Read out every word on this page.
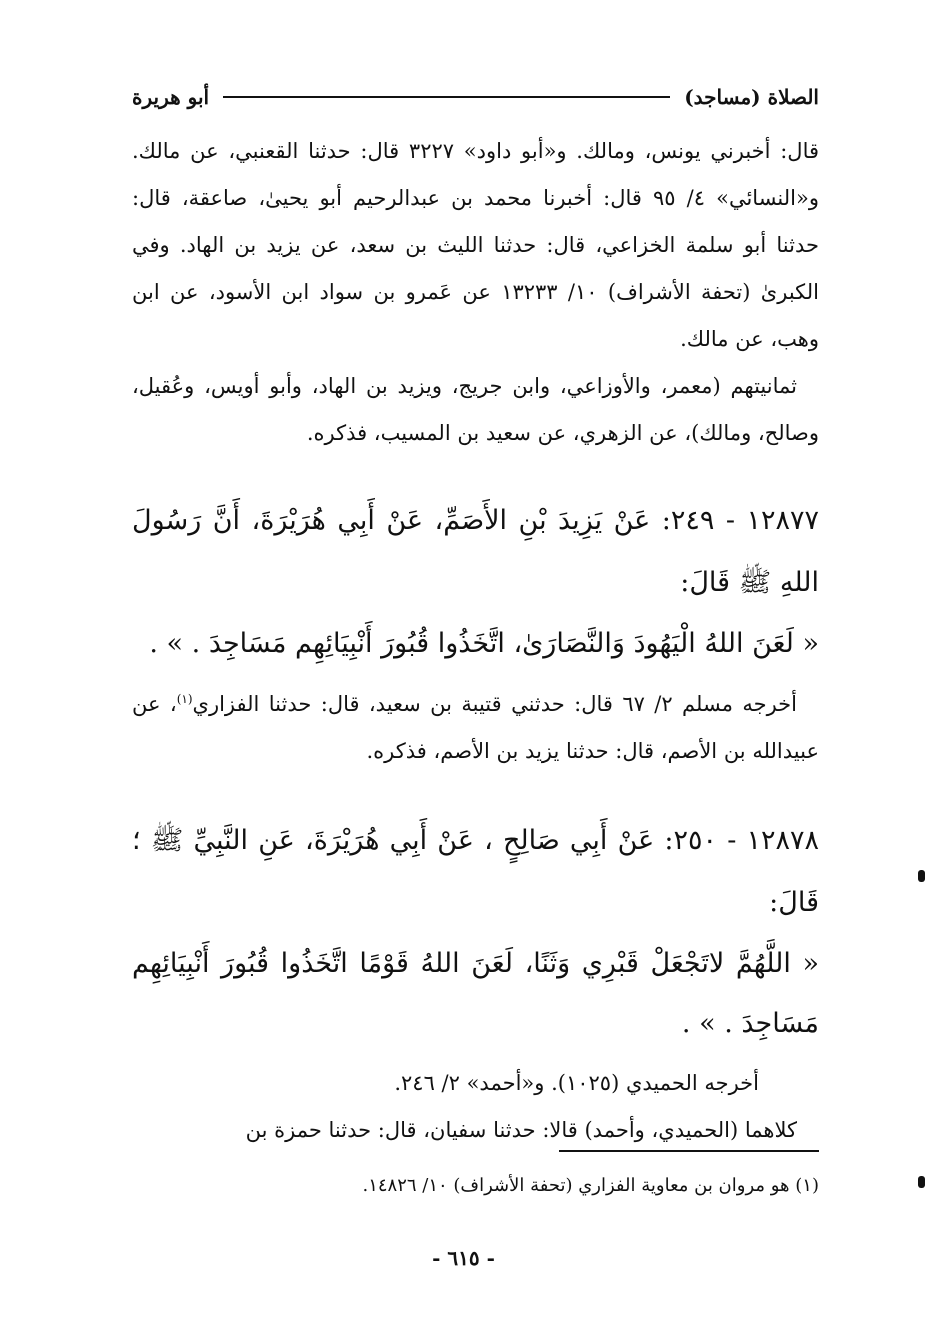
الصلاة (مساجد)
أبو هريرة

قال: أخبرني يونس، ومالك. و«أبو داود» ٣٢٢٧ قال: حدثنا القعنبي، عن مالك. و«النسائي» ٤/ ٩٥ قال: أخبرنا محمد بن عبدالرحيم أبو يحيىٰ، صاعقة، قال: حدثنا أبو سلمة الخزاعي، قال: حدثنا الليث بن سعد، عن يزيد بن الهاد. وفي الكبرىٰ (تحفة الأشراف) ١٠/ ١٣٢٣٣ عن عَمرو بن سواد ابن الأسود، عن ابن وهب، عن مالك.

ثمانيتهم (معمر، والأوزاعي، وابن جريج، ويزيد بن الهاد، وأبو أويس، وعُقيل، وصالح، ومالك)، عن الزهري، عن سعيد بن المسيب، فذكره.

١٢٨٧٧ - ٢٤٩: عَنْ يَزِيدَ بْنِ الأَصَمِّ، عَنْ أَبِي هُرَيْرَةَ، أَنَّ رَسُولَ اللهِ ﷺ قَالَ:

« لَعَنَ اللهُ الْيَهُودَ وَالنَّصَارَىٰ، اتَّخَذُوا قُبُورَ أَنْبِيَائِهِم مَسَاجِدَ . » .

أخرجه مسلم ٢/ ٦٧ قال: حدثني قتيبة بن سعيد، قال: حدثنا الفزاري$^{(١)}$، عن عبيدالله بن الأصم، قال: حدثنا يزيد بن الأصم، فذكره.

١٢٨٧٨ - ٢٥٠: عَنْ أَبِي صَالِحٍ ، عَنْ أَبِي هُرَيْرَةَ، عَنِ النَّبِيِّ ﷺ ؛ قَالَ:

« اللَّهُمَّ لاتَجْعَلْ قَبْرِي وَثَنًا، لَعَنَ اللهُ قَوْمًا اتَّخَذُوا قُبُورَ أَنْبِيَائِهِم مَسَاجِدَ . » .

أخرجه الحميدي (١٠٢٥). و«أحمد» ٢/ ٢٤٦.

كلاهما (الحميدي، وأحمد) قالا: حدثنا سفيان، قال: حدثنا حمزة بن

(١) هو مروان بن معاوية الفزاري (تحفة الأشراف) ١٠/ ١٤٨٢٦.

- ٦١٥ -
